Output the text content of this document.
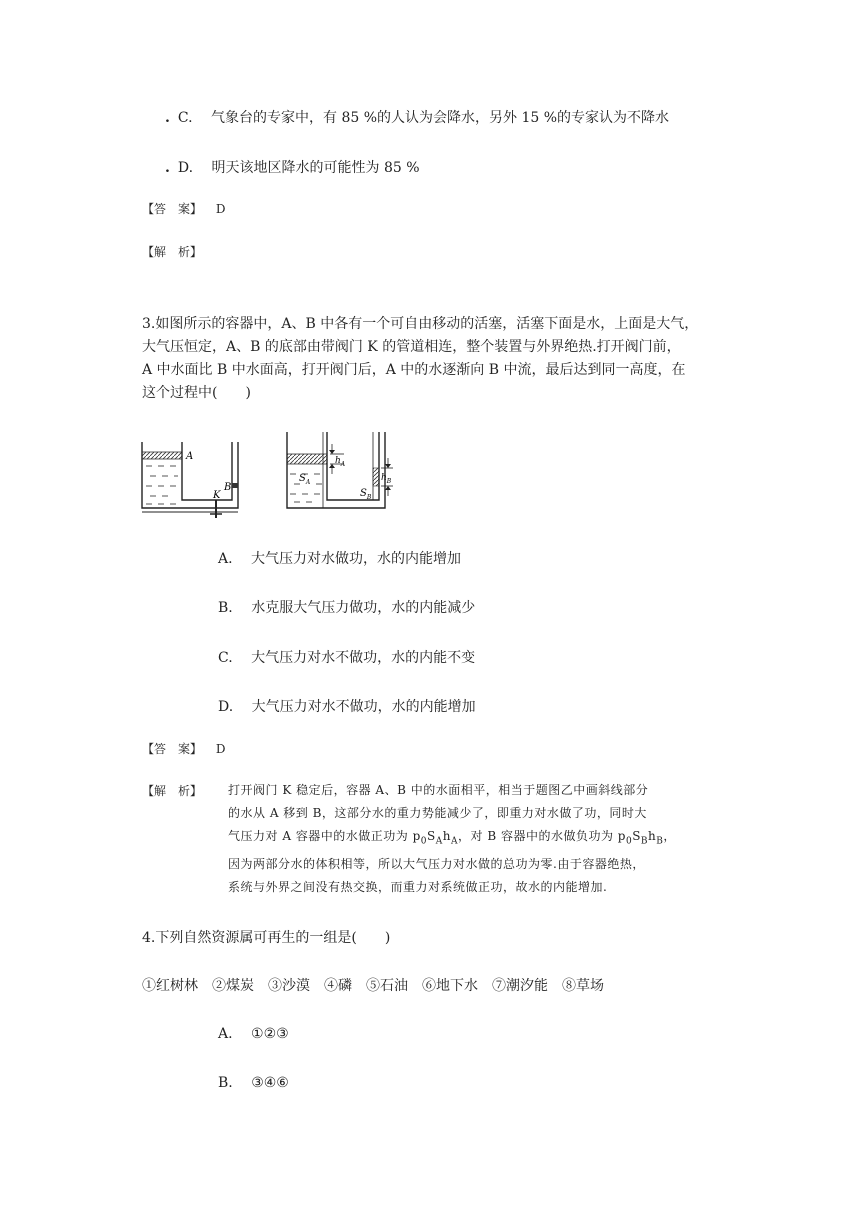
. C. 气象台的专家中，有 85 %的人认为会降水，另外 15 %的专家认为不降水
. D. 明天该地区降水的可能性为 85 %
【答　案】 D
【解　析】
3.如图所示的容器中，A、B 中各有一个可自由移动的活塞，活塞下面是水，上面是大气，
大气压恒定，A、B 的底部由带阀门 K 的管道相连，整个装置与外界绝热.打开阀门前，
A 中水面比 B 中水面高，打开阀门后，A 中的水逐渐向 B 中流，最后达到同一高度，在
这个过程中(　　)
A
B
K
$h_A$
$h_B$
$S_A$
$S_B$
A. 大气压力对水做功，水的内能增加
B. 水克服大气压力做功，水的内能减少
C. 大气压力对水不做功，水的内能不变
D. 大气压力对水不做功，水的内能增加
【答　案】 D
【解　析】 打开阀门 K 稳定后，容器 A、B 中的水面相平，相当于题图乙中画斜线部分
的水从 A 移到 B，这部分水的重力势能减少了，即重力对水做了功，同时大
气压力对 A 容器中的水做正功为 $p_0S_Ah_A$，对 B 容器中的水做负功为 $p_0S_Bh_B$，
因为两部分水的体积相等，所以大气压力对水做的总功为零.由于容器绝热，
系统与外界之间没有热交换，而重力对系统做正功，故水的内能增加.
4.下列自然资源属可再生的一组是(　　)
①红树林　②煤炭　③沙漠　④磷　⑤石油　⑥地下水　⑦潮汐能　⑧草场
A. ①②③
B. ③④⑥
